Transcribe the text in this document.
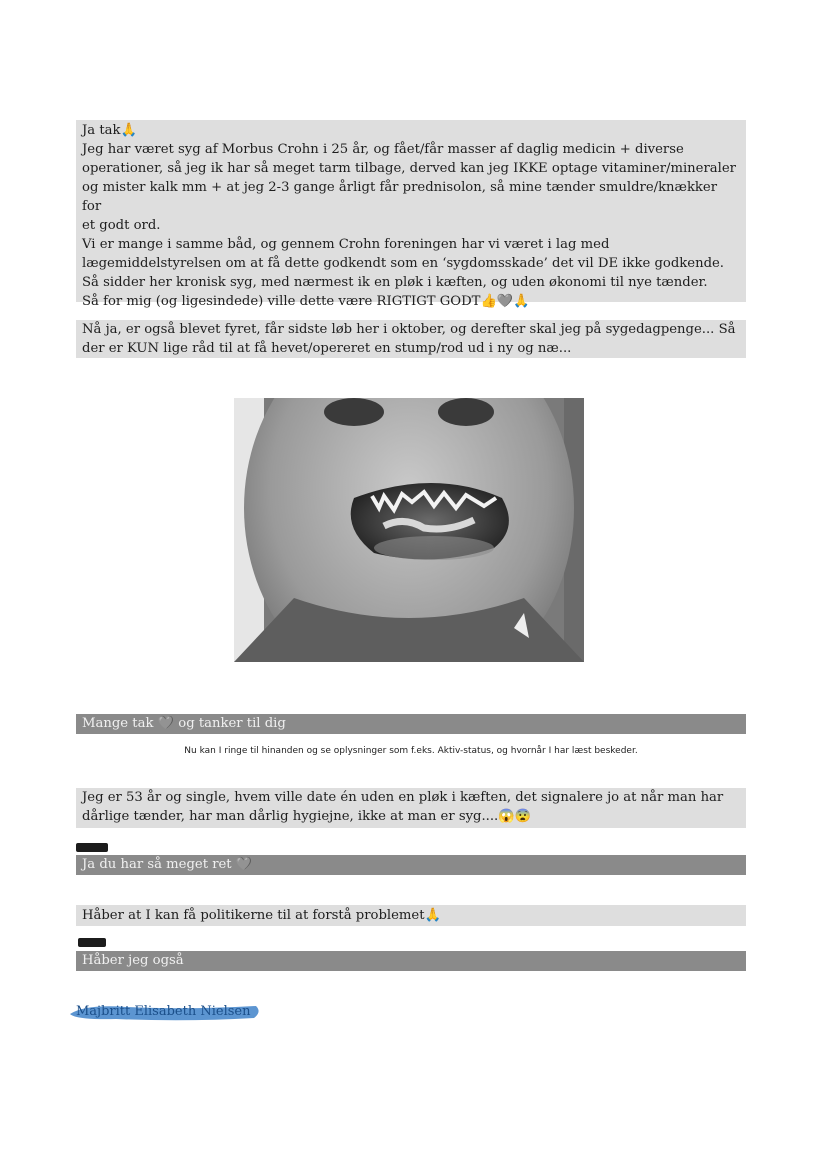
Ja tak🙏
Jeg har været syg af Morbus Crohn i 25 år, og fået/får masser af daglig medicin + diverse
operationer, så jeg ik har så meget tarm tilbage, derved kan jeg IKKE optage vitaminer/mineraler
og mister kalk mm + at jeg 2-3 gange årligt får prednisolon, så mine tænder smuldre/knækker for
et godt ord.
Vi er mange i samme båd, og gennem Crohn foreningen har vi været i lag med
lægemiddelstyrelsen om at få dette godkendt som en ‘sygdomsskade’ det vil DE ikke godkende.
Så sidder her kronisk syg, med nærmest ik en pløk i kæften, og uden økonomi til nye tænder.
Så for mig (og ligesindede) ville dette være RIGTIGT GODT👍🩶🙏
Nå ja, er også blevet fyret, får sidste løb her i oktober, og derefter skal jeg på sygedagpenge... Så
der er KUN lige råd til at få hevet/opereret en stump/rod ud i ny og næ...
Mange tak 🩶 og tanker til dig
Nu kan I ringe til hinanden og se oplysninger som f.eks. Aktiv-status, og hvornår I har læst beskeder.
Jeg er 53 år og single, hvem ville date én uden en pløk i kæften, det signalere jo at når man har
dårlige tænder, har man dårlig hygiejne, ikke at man er syg....😱😨
Ja du har så meget ret 🩶
Håber at I kan få politikerne til at forstå problemet🙏
Håber jeg også
Majbritt Elisabeth Nielsen
